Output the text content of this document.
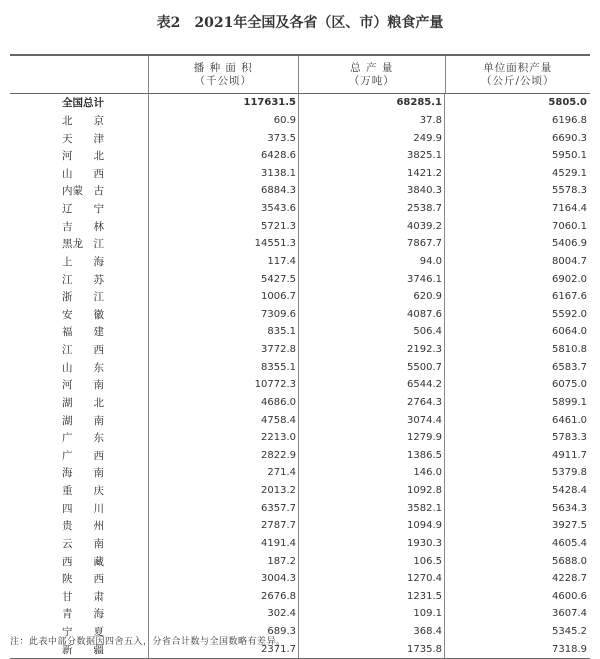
表2　2021年全国及各省（区、市）粮食产量
播 种 面 积
（千公顷）
总 产 量
（万吨）
单位面积产量
（公斤/公顷）
全国总计	117631.5	68285.1	5805.0
北　　京	60.9	37.8	6196.8
天　　津	373.5	249.9	6690.3
河　　北	6428.6	3825.1	5950.1
山　　西	3138.1	1421.2	4529.1
内蒙　古	6884.3	3840.3	5578.3
辽　　宁	3543.6	2538.7	7164.4
吉　　林	5721.3	4039.2	7060.1
黑龙　江	14551.3	7867.7	5406.9
上　　海	117.4	94.0	8004.7
江　　苏	5427.5	3746.1	6902.0
浙　　江	1006.7	620.9	6167.6
安　　徽	7309.6	4087.6	5592.0
福　　建	835.1	506.4	6064.0
江　　西	3772.8	2192.3	5810.8
山　　东	8355.1	5500.7	6583.7
河　　南	10772.3	6544.2	6075.0
湖　　北	4686.0	2764.3	5899.1
湖　　南	4758.4	3074.4	6461.0
广　　东	2213.0	1279.9	5783.3
广　　西	2822.9	1386.5	4911.7
海　　南	271.4	146.0	5379.8
重　　庆	2013.2	1092.8	5428.4
四　　川	6357.7	3582.1	5634.3
贵　　州	2787.7	1094.9	3927.5
云　　南	4191.4	1930.3	4605.4
西　　藏	187.2	106.5	5688.0
陕　　西	3004.3	1270.4	4228.7
甘　　肃	2676.8	1231.5	4600.6
青　　海	302.4	109.1	3607.4
宁　　夏	689.3	368.4	5345.2
新　　疆	2371.7	1735.8	7318.9
注：此表中部分数据因四舍五入，分省合计数与全国数略有差异。
